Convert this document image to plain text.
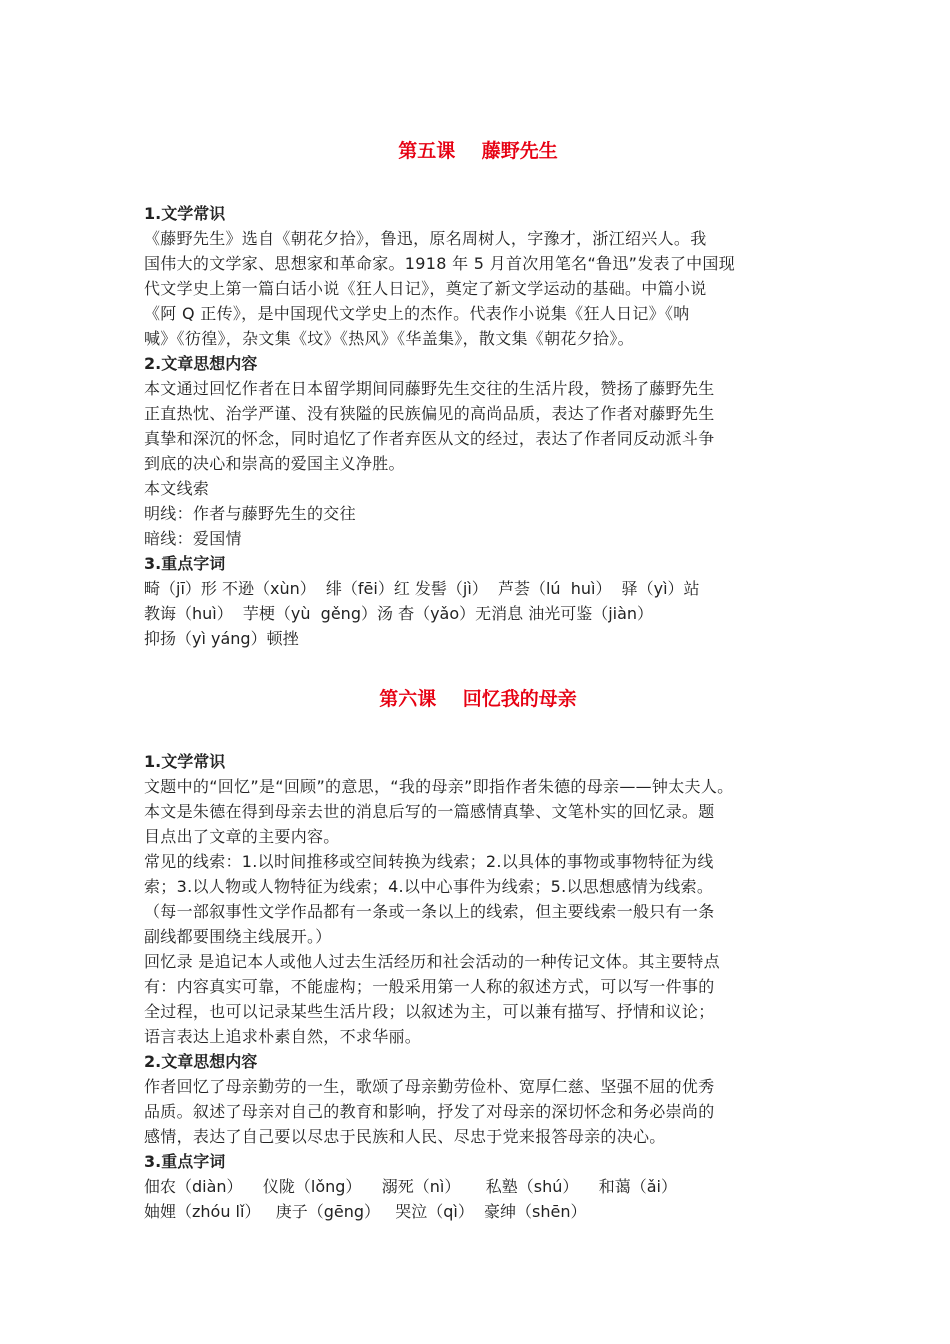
第五课    藤野先生

1.文学常识

《藤野先生》选自《朝花夕拾》，鲁迅，原名周树人，字豫才，浙江绍兴人。我

国伟大的文学家、思想家和革命家。1918 年 5 月首次用笔名“鲁迅”发表了中国现

代文学史上第一篇白话小说《狂人日记》，奠定了新文学运动的基础。中篇小说

《阿 Q 正传》，是中国现代文学史上的杰作。代表作小说集《狂人日记》《呐

喊》《彷徨》，杂文集《坟》《热风》《华盖集》，散文集《朝花夕拾》。

2.文章思想内容

本文通过回忆作者在日本留学期间同藤野先生交往的生活片段，赞扬了藤野先生

正直热忱、治学严谨、没有狭隘的民族偏见的高尚品质，表达了作者对藤野先生

真挚和深沉的怀念，同时追忆了作者弃医从文的经过，表达了作者同反动派斗争

到底的决心和崇高的爱国主义净胜。

本文线索

明线：作者与藤野先生的交往

暗线：爱国情

3.重点字词

畸（jī）形 不逊（xùn）  绯（fēi）红 发髻（jì）  芦荟（lú  huì）  驿（yì）站

教诲（huì）  芋梗（yù  gěng）汤 杳（yǎo）无消息 油光可鉴（jiàn）

抑扬（yì yáng）顿挫

第六课    回忆我的母亲

1.文学常识

文题中的“回忆”是“回顾”的意思，“我的母亲”即指作者朱德的母亲——钟太夫人。

本文是朱德在得到母亲去世的消息后写的一篇感情真挚、文笔朴实的回忆录。题

目点出了文章的主要内容。

常见的线索：1.以时间推移或空间转换为线索；2.以具体的事物或事物特征为线

索；3.以人物或人物特征为线索；4.以中心事件为线索；5.以思想感情为线索。

（每一部叙事性文学作品都有一条或一条以上的线索，但主要线索一般只有一条

副线都要围绕主线展开。）

回忆录 是追记本人或他人过去生活经历和社会活动的一种传记文体。其主要特点

有：内容真实可靠，不能虚构；一般采用第一人称的叙述方式，可以写一件事的

全过程，也可以记录某些生活片段；以叙述为主，可以兼有描写、抒情和议论；

语言表达上追求朴素自然，不求华丽。

2.文章思想内容

作者回忆了母亲勤劳的一生，歌颂了母亲勤劳俭朴、宽厚仁慈、坚强不屈的优秀

品质。叙述了母亲对自己的教育和影响，抒发了对母亲的深切怀念和务必崇尚的

感情，表达了自己要以尽忠于民族和人民、尽忠于党来报答母亲的决心。

3.重点字词

佃农（diàn）    仪陇（lǒng）    溺死（nì）     私塾（shú）    和蔼（ǎi）

妯娌（zhóu lǐ）   庚子（gēng）   哭泣（qì）  豪绅（shēn）
